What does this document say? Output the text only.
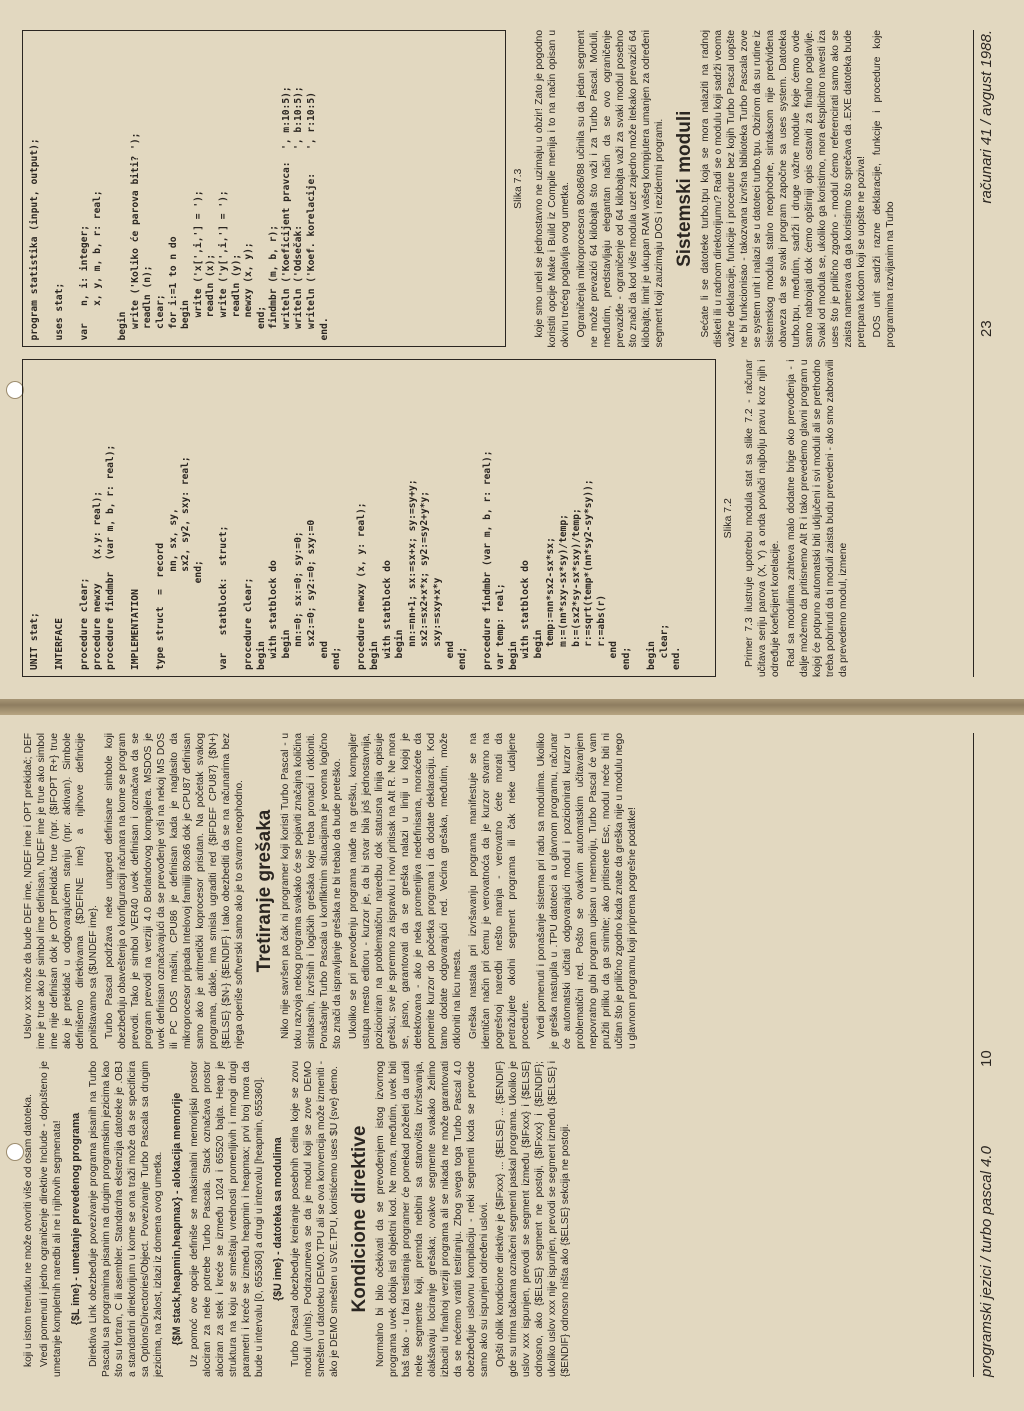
koji u istom trenutku ne može otvoriti više od osam datoteka. Vredi pomenuti i jedno ograničenje direktive Include - dopušteno je umetanje kompletnih naredbi ali ne i njihovih segmenata! {$L ime} - umetanje prevedenog programa Direktiva Link obezbeđuje povezivanje programa pisanih na Turbo Pascalu sa programima pisanim na drugim programskim jezicima kao što su fortran, C ili asembler. Standardna ekstenzija datoteke je .OBJ a standardni direktorijum u kome se ona traži može da se specificira sa Options/Directories/Object. Povezivanje Turbo Pascala sa drugim jezicima, na žalost, izlazi iz domena ovog umetka. {$M stack,heapmin,heapmax} - alokacija memorije Uz pomoć ove opcije definiše se maksimalni memorijski prostor alociran za neke potrebe Turbo Pascala. Stack označava prostor alociran za stek i kreće se između 1024 i 65520 bajta. Heap je struktura na koju se smeštaju vrednosti promenljivih i mnogi drugi parametri i kreće se između heapmin i heapmax; prvi broj mora da bude u intervalu [0, 655360] a drugi u intervalu [heapmin, 655360]. {$U ime} - datoteka sa modulima Turbo Pascal obezbeđuje kreiranje posebnih celina koje se zovu moduli (units). Podrazumeva se da je modul koji se zove DEMO smešten u datoteku DEMO.TPU ali se ova konvencija može izmeniti - ako je DEMO smešten u SVE.TPU, koristićemo uses $U {sve} demo. Kondicione direktive Normalno bi bilo očekivati da se prevođenjem istog izvornog programa uvek dobija isti objektni kod. Ne mora, međutim, uvek biti baš tako - u fazi testiranja programer će ponekad poželeti da uradi neke segmente koji, premda nebitni sa stanovišta izvršavanja, olakšavaju lociranje grešaka; ovakve segmente svakako želimo izbaciti u finalnoj verziji programa ali se nikada ne može garantovati da se nećemo vratiti testiranju. Zbog svega toga Turbo Pascal 4.0 obezbeđuje uslovnu kompilaciju - neki segmenti koda se prevode samo ako su ispunjeni određeni uslovi. Opšti oblik kondicione direktive je {$IFxxx} ... {$ELSE} ... {$ENDIF} gde su trima tačkama označeni segmenti paskal programa. Ukoliko je uslov xxx ispunjen, prevodi se segment između {$IFxxx} i {$ELSE} odnosno, ako {$ELSE} segment ne postoji, {$IFxxx} i {$ENDIF}; ukoliko uslov xxx nije ispunjen, prevodi se segment između {$ELSE} i {$ENDIF} odnosno ništa ako {$ELSE} sekcija ne postoji.

Uslov xxx može da bude DEF ime, NDEF ime i OPT prekidač; DEF ime je true ako je simbol ime definisan, NDEF ime je true ako simbol ime nije definisan dok je OPT prekidač true (npr. {$IFOPT R+} true ako je prekidač u odgovarajućem stanju (npr. aktivan). Simbole definišemo direktivama {$DEFINE ime} a njihove definicije poništavamo sa {$UNDEF ime}. Turbo Pascal podržava neke unapred definisane simbole koji obezbeđuju obaveštenja o konfiguraciji računara na kome se program prevodi. Tako je simbol VER40 uvek definisan i označava da se program prevodi na verziji 4.0 Borlandovog kompajlera. MSDOS je uvek definisan označavajući da se prevođenje vrši na nekoj MS DOS ili PC DOS mašini, CPU86 je definisan kada je naglasito da mikroprocesor pripada Intelovoj familiji 80x86 dok je CPU87 definisan samo ako je aritmetički koprocesor prisutan. Na početak svakog programa, dakle, ima smisla ugraditi red {$IFDEF CPU87} {$N+} {$ELSE} {$N-} {$ENDIF} i tako obezbediti da se na računarima bez njega operiše softverski samo ako je to stvarno neophodno. Tretiranje grešaka Niko nije savršen pa čak ni programer koji koristi Turbo Pascal - u toku razvoja nekog programa svakako će se pojaviti značajna količina sintaksnih, izvršnih i logičkih grešaka koje treba pronaći i otkloniti. Ponašanje Turbo Pascala u konfliktnim situacijama je veoma logično što znači da ispravljanje grešaka ne bi trebalo da bude preteško. Ukoliko se pri prevođenju programa naiđe na grešku, kompajler ustupa mesto editoru - kurzor je, da bi stvar bila još jednostavnija, pozicioniran na problematičnu naredbu dok statusna linija opisuje grešku; sve je spremno za ispravku i novi pritisak na Alt R. Ne mora se, jasno, garantovati da se greška nalazi u liniji u kojoj je detektovana - ako je neka promenljiva nedefinisana, moraćete da pomerite kurzor do početka programa i da dodate deklaraciju. Kod tamo dodate odgovarajući red. Većina grešaka, međutim, može otkloniti na licu mesta. Greška nastala pri izvršavanju programa manifestuje se na identičan način pri čemu je verovatnoća da je kurzor stvarno na pogrešnoj naredbi nešto manja - verovatno ćete morati da pretražujete okolni segment programa ili čak neke udaljene procedure. Vredi pomenuti i ponašanje sistema pri radu sa modulima. Ukoliko je greška nastupila u .TPU datoteci a u glavnom programu, računar će automatski učitati odgovarajući modul i pozicionirati kurzor u problematični red. Pošto se ovakvim automatskim učitavanjem nepovratno gubi program upisan u memoriju, Turbo Pascal će vam pružiti priliku da ga snimite; ako pritisnete Esc, modul neće biti ni učitan što je prilično zgodno kada znate da greška nije u modulu nego u glavnom programu koji priprema pogrešne podatke!

programski jezici / turbo pascal 4.0
10
UNIT stat;

INTERFACE

procedure clear;
procedure newxy    (x,y: real);
procedure findmbr  (var m, b, r: real);

IMPLEMENTATION

type struct  =  record
nn, sx, sy,
sx2, sy2, sxy: real;
end;

var   statblock:  struct;

procedure clear;
begin
with statblock do
begin
nn:=0; sx:=0; sy:=0;
sx2:=0; sy2:=0; sxy:=0
end
end;

procedure newxy (x, y: real);
begin
with statblock do
begin
nn:=nn+1; sx:=sx+x; sy:=sy+y;
sx2:=sx2+x*x; sy2:=sy2+y*y;
sxy:=sxy+x*y
end
end;

procedure findmbr (var m, b, r: real);
var temp: real;
begin
with statblock do
begin
temp:=nn*sx2-sx*sx;
m:=(nn*sxy-sx*sy)/temp;
b:=(sx2*sy-sx*sxy)/temp;
r:=sqrt(temp*(nn*sy2-sy*sy));
r:=abs(r)
end
end;

begin
clear;
end.
Slika 7.2 Primer 7.3 ilustruje upotrebu modula stat sa slike 7.2 - računar učitava seriju parova (X, Y) a onda povlači najbolju pravu kroz njih i određuje koeficijent korelacije. Rad sa modulima zahteva malo dodatne brige oko prevođenja - i dalje možemo da pritisnemo Alt R i tako prevedemo glavni program u kojoj će potpuno automatski biti uključeni i svi moduli ali se prethodno treba pobrinuti da ti moduli zaista budu prevedeni - ako smo zaboravili da prevedemo modul, izmene

program statistika (input, output);

uses stat;

var   n, i: integer;
x, y, m, b, r: real;

begin
write ('Koliko će parova biti? ');
readln (n);
clear;
for i:=1 to n do
begin
write ('x[',i,'] = ');
readln (x);
write ('y[',i,'] = ');
readln (y);
newxy (x, y);
end;
findmbr (m, b, r);
writeln ('Koeficijent pravca:  ', m:10:5);
writeln ('Odsečak:             ', b:10:5);
writeln ('Koef. korelacije:    ', r:10:5)
end.
Slika 7.3 koje smo uneli se jednostavno ne uzimaju u obzir! Zato je pogodno koristiti opcije Make i Build iz Compile menija i to na način opisan u okviru trećeg poglavlja ovog umetka. Ograničenja mikroprocesora 80x86/88 učinila su da jedan segment ne može prevazići 64 kilobajta što važi i za Turbo Pascal. Moduli, međutim, predstavljaju elegantan način da se ovo ograničenje prevaziđe - ograničenje od 64 kilobajta važi za svaki modul posebno što znači da kod više modula uzet zajedno može itekako prevazići 64 kilobajta; limit je ukupan RAM vašeg kompjutera umanjen za određeni segment koji zauzimaju DOS i rezidentni programi. Sistemski moduli Sećate li se datoteke turbo.tpu koja se mora nalaziti na radnoj disketi ili u radnom direktorijumu? Radi se o modulu koji sadrži veoma važne deklaracije, funkcije i procedure bez kojih Turbo Pascal uopšte ne bi funkcionisao - takozvana izvršna biblioteka Turbo Pascala zove se system unit i nalazi se u datoteci turbo.tpu. Obzirom da su rutine iz sistemskog modula stalno neophodne, sintaksom nije predviđena obaveza da se svaki program započne sa uses system. Datoteka turbo.tpu, međutim, sadrži i druge važne module koje ćemo ovde samo nabrojati dok ćemo opširniji opis ostaviti za finalno poglavlje. Svaki od modula se, ukoliko ga koristimo, mora eksplicitno navesti iza uses što je prilično zgodno - modul ćemo referencirati samo ako se zaista namerava da ga koristimo što sprečava da .EXE datoteka bude pretrpana kodom koji se uopšte ne poziva! DOS unit sadrži razne deklaracije, funkcije i procedure koje programima razvijanim na Turbo	23
računari 41 / avgust 1988.
